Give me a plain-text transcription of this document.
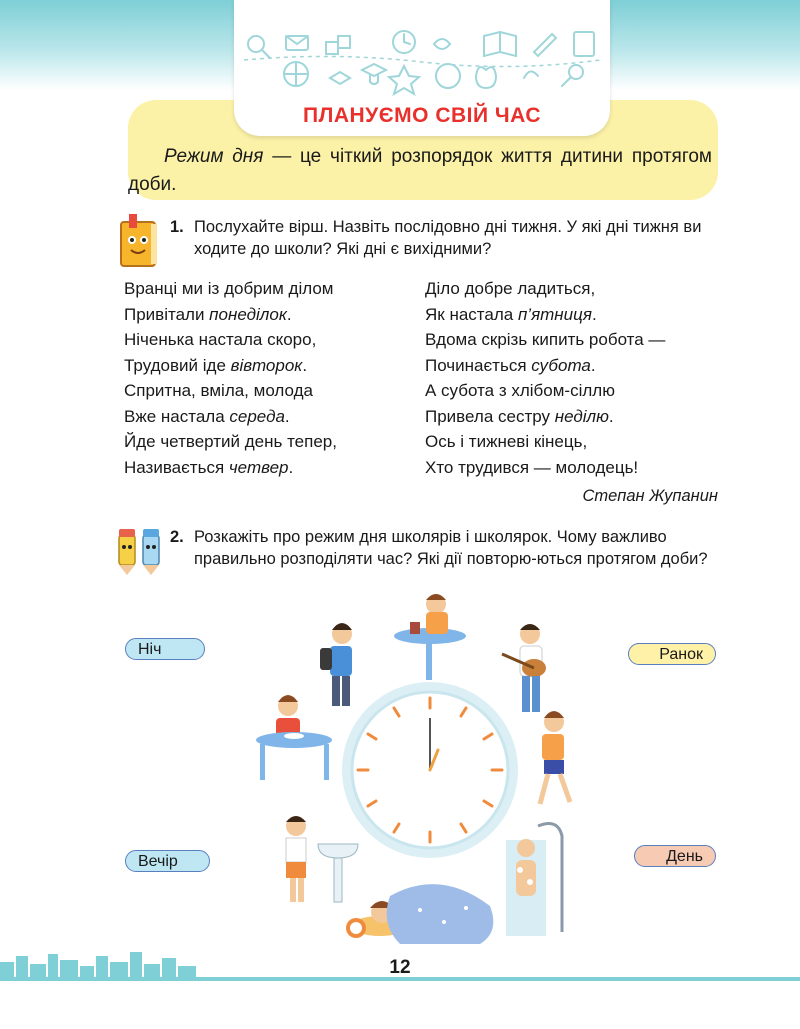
ПЛАНУЄМО СВІЙ ЧАС
Режим дня — це чіткий розпорядок життя дитини протягом доби.
1. Послухайте вірш. Назвіть послідовно дні тижня. У які дні тижня ви ходите до школи? Які дні є вихідними?
Вранці ми із добрим ділом
Привітали понеділок.
Ніченька настала скоро,
Трудовий іде вівторок.
Спритна, вміла, молода
Вже настала середа.
Йде четвертий день тепер,
Називається четвер.
Діло добре ладиться,
Як настала п’ятниця.
Вдома скрізь кипить робота —
Починається субота.
А субота з хлібом-сіллю
Привела сестру неділю.
Ось і тижневі кінець,
Хто трудився — молодець!
Степан Жупанин
2. Розкажіть про режим дня школярів і школярок. Чому важливо правильно розподіляти час? Які дії повторю-ються протягом доби?
Ніч	Ранок
Вечір	День
12
